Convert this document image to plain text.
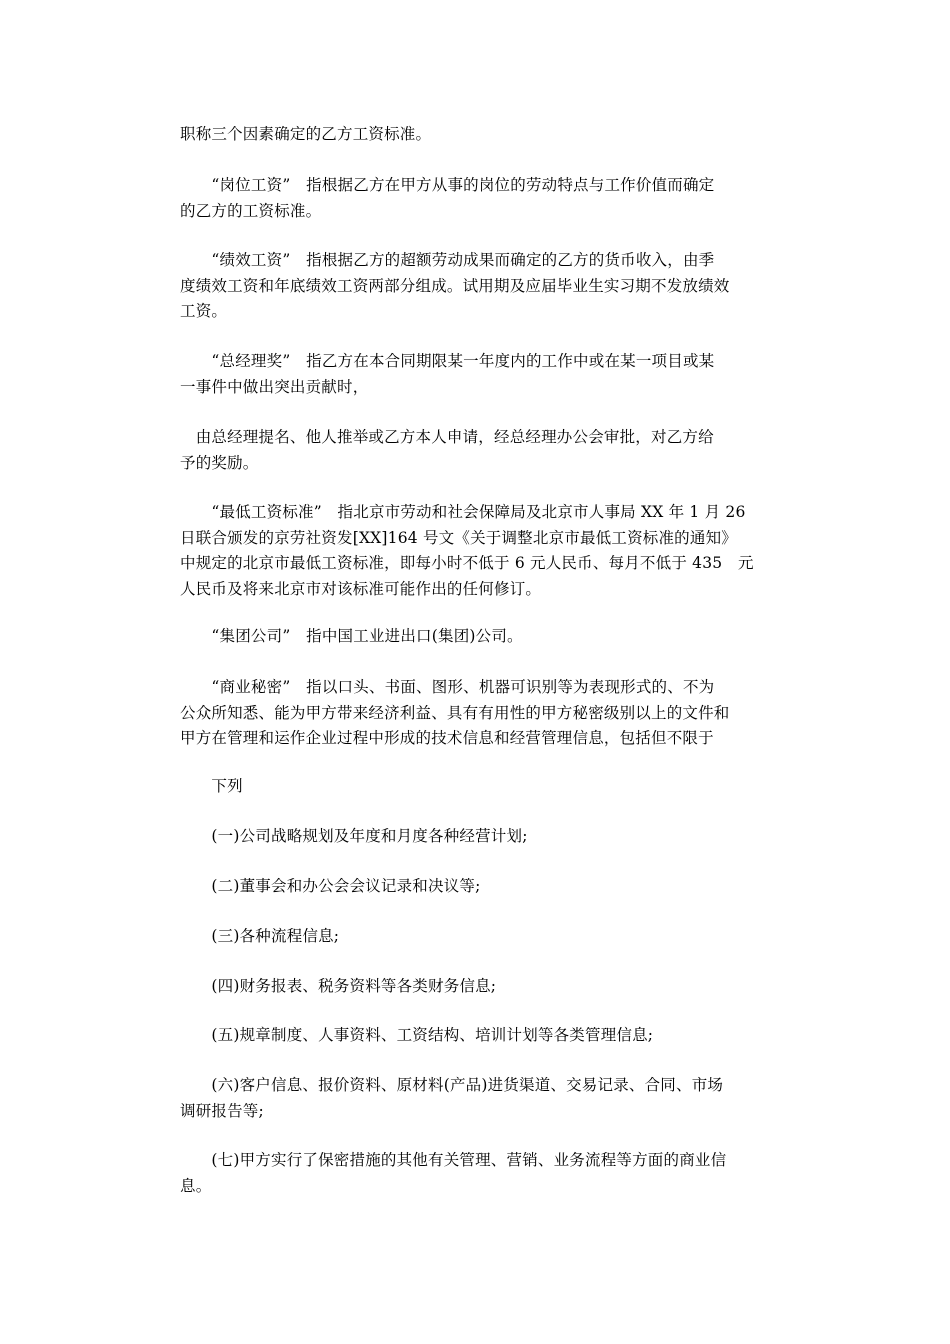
职称三个因素确定的乙方工资标准。

　　“岗位工资”　指根据乙方在甲方从事的岗位的劳动特点与工作价值而确定
的乙方的工资标准。

　　“绩效工资”　指根据乙方的超额劳动成果而确定的乙方的货币收入，由季
度绩效工资和年底绩效工资两部分组成。试用期及应届毕业生实习期不发放绩效
工资。

　　“总经理奖”　指乙方在本合同期限某一年度内的工作中或在某一项目或某
一事件中做出突出贡献时，

　由总经理提名、他人推举或乙方本人申请，经总经理办公会审批，对乙方给
予的奖励。

　　“最低工资标准”　指北京市劳动和社会保障局及北京市人事局 XX 年 1 月 26
日联合颁发的京劳社资发[XX]164 号文《关于调整北京市最低工资标准的通知》
中规定的北京市最低工资标准，即每小时不低于 6 元人民币、每月不低于 435　元
人民币及将来北京市对该标准可能作出的任何修订。

　　“集团公司”　指中国工业进出口(集团)公司。

　　“商业秘密”　指以口头、书面、图形、机器可识别等为表现形式的、不为
公众所知悉、能为甲方带来经济利益、具有有用性的甲方秘密级别以上的文件和
甲方在管理和运作企业过程中形成的技术信息和经营管理信息，包括但不限于

　　下列

　　(一)公司战略规划及年度和月度各种经营计划;

　　(二)董事会和办公会会议记录和决议等;

　　(三)各种流程信息;

　　(四)财务报表、税务资料等各类财务信息;

　　(五)规章制度、人事资料、工资结构、培训计划等各类管理信息;

　　(六)客户信息、报价资料、原材料(产品)进货渠道、交易记录、合同、市场
调研报告等;

　　(七)甲方实行了保密措施的其他有关管理、营销、业务流程等方面的商业信
息。
